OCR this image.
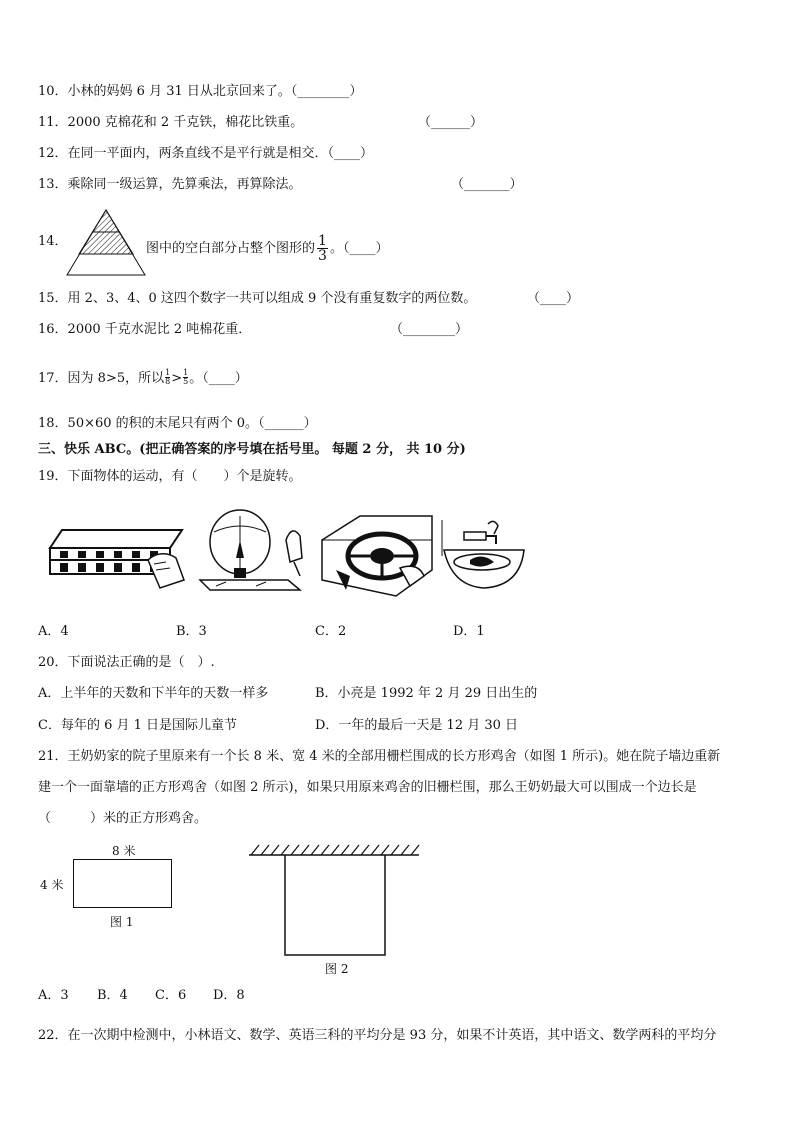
10．小林的妈妈 6 月 31 日从北京回来了。（________）
11．2000 克棉花和 2 千克铁，棉花比铁重。	（______）
12．在同一平面内，两条直线不是平行就是相交．（____）
13．乘除同一级运算，先算乘法，再算除法。	（_______）
14．	图中的空白部分占整个图形的 $\frac{1}{3}$ 。（____）
15．用 2、3、4、0 这四个数字一共可以组成 9 个没有重复数字的两位数。	（____）
16．2000 千克水泥比 2 吨棉花重．	（________）
17．因为 8>5，所以 $\frac{1}{8} > \frac{1}{5}$ 。（____）
18．50×60 的积的末尾只有两个 0。（______）
三、快乐 ABC。(把正确答案的序号填在括号里。 每题 2 分， 共 10 分)
19．下面物体的运动，有（　　）个是旋转。
A．4	B．3	C．2	D．1
20．下面说法正确的是（　）.
A．上半年的天数和下半年的天数一样多	B．小亮是 1992 年 2 月 29 日出生的
C．每年的 6 月 1 日是国际儿童节	D．一年的最后一天是 12 月 30 日
21．王奶奶家的院子里原来有一个长 8 米、宽 4 米的全部用栅栏围成的长方形鸡舍（如图 1 所示)。她在院子墙边重新
建一个一面靠墙的正方形鸡舍（如图 2 所示)，如果只用原来鸡舍的旧栅栏围，那么王奶奶最大可以围成一个边长是
（　　　）米的正方形鸡舍。
8 米
4 米
图 1
图 2
A．3 B．4 C．6 D．8
22．在一次期中检测中，小林语文、数学、英语三科的平均分是 93 分，如果不计英语，其中语文、数学两科的平均分
